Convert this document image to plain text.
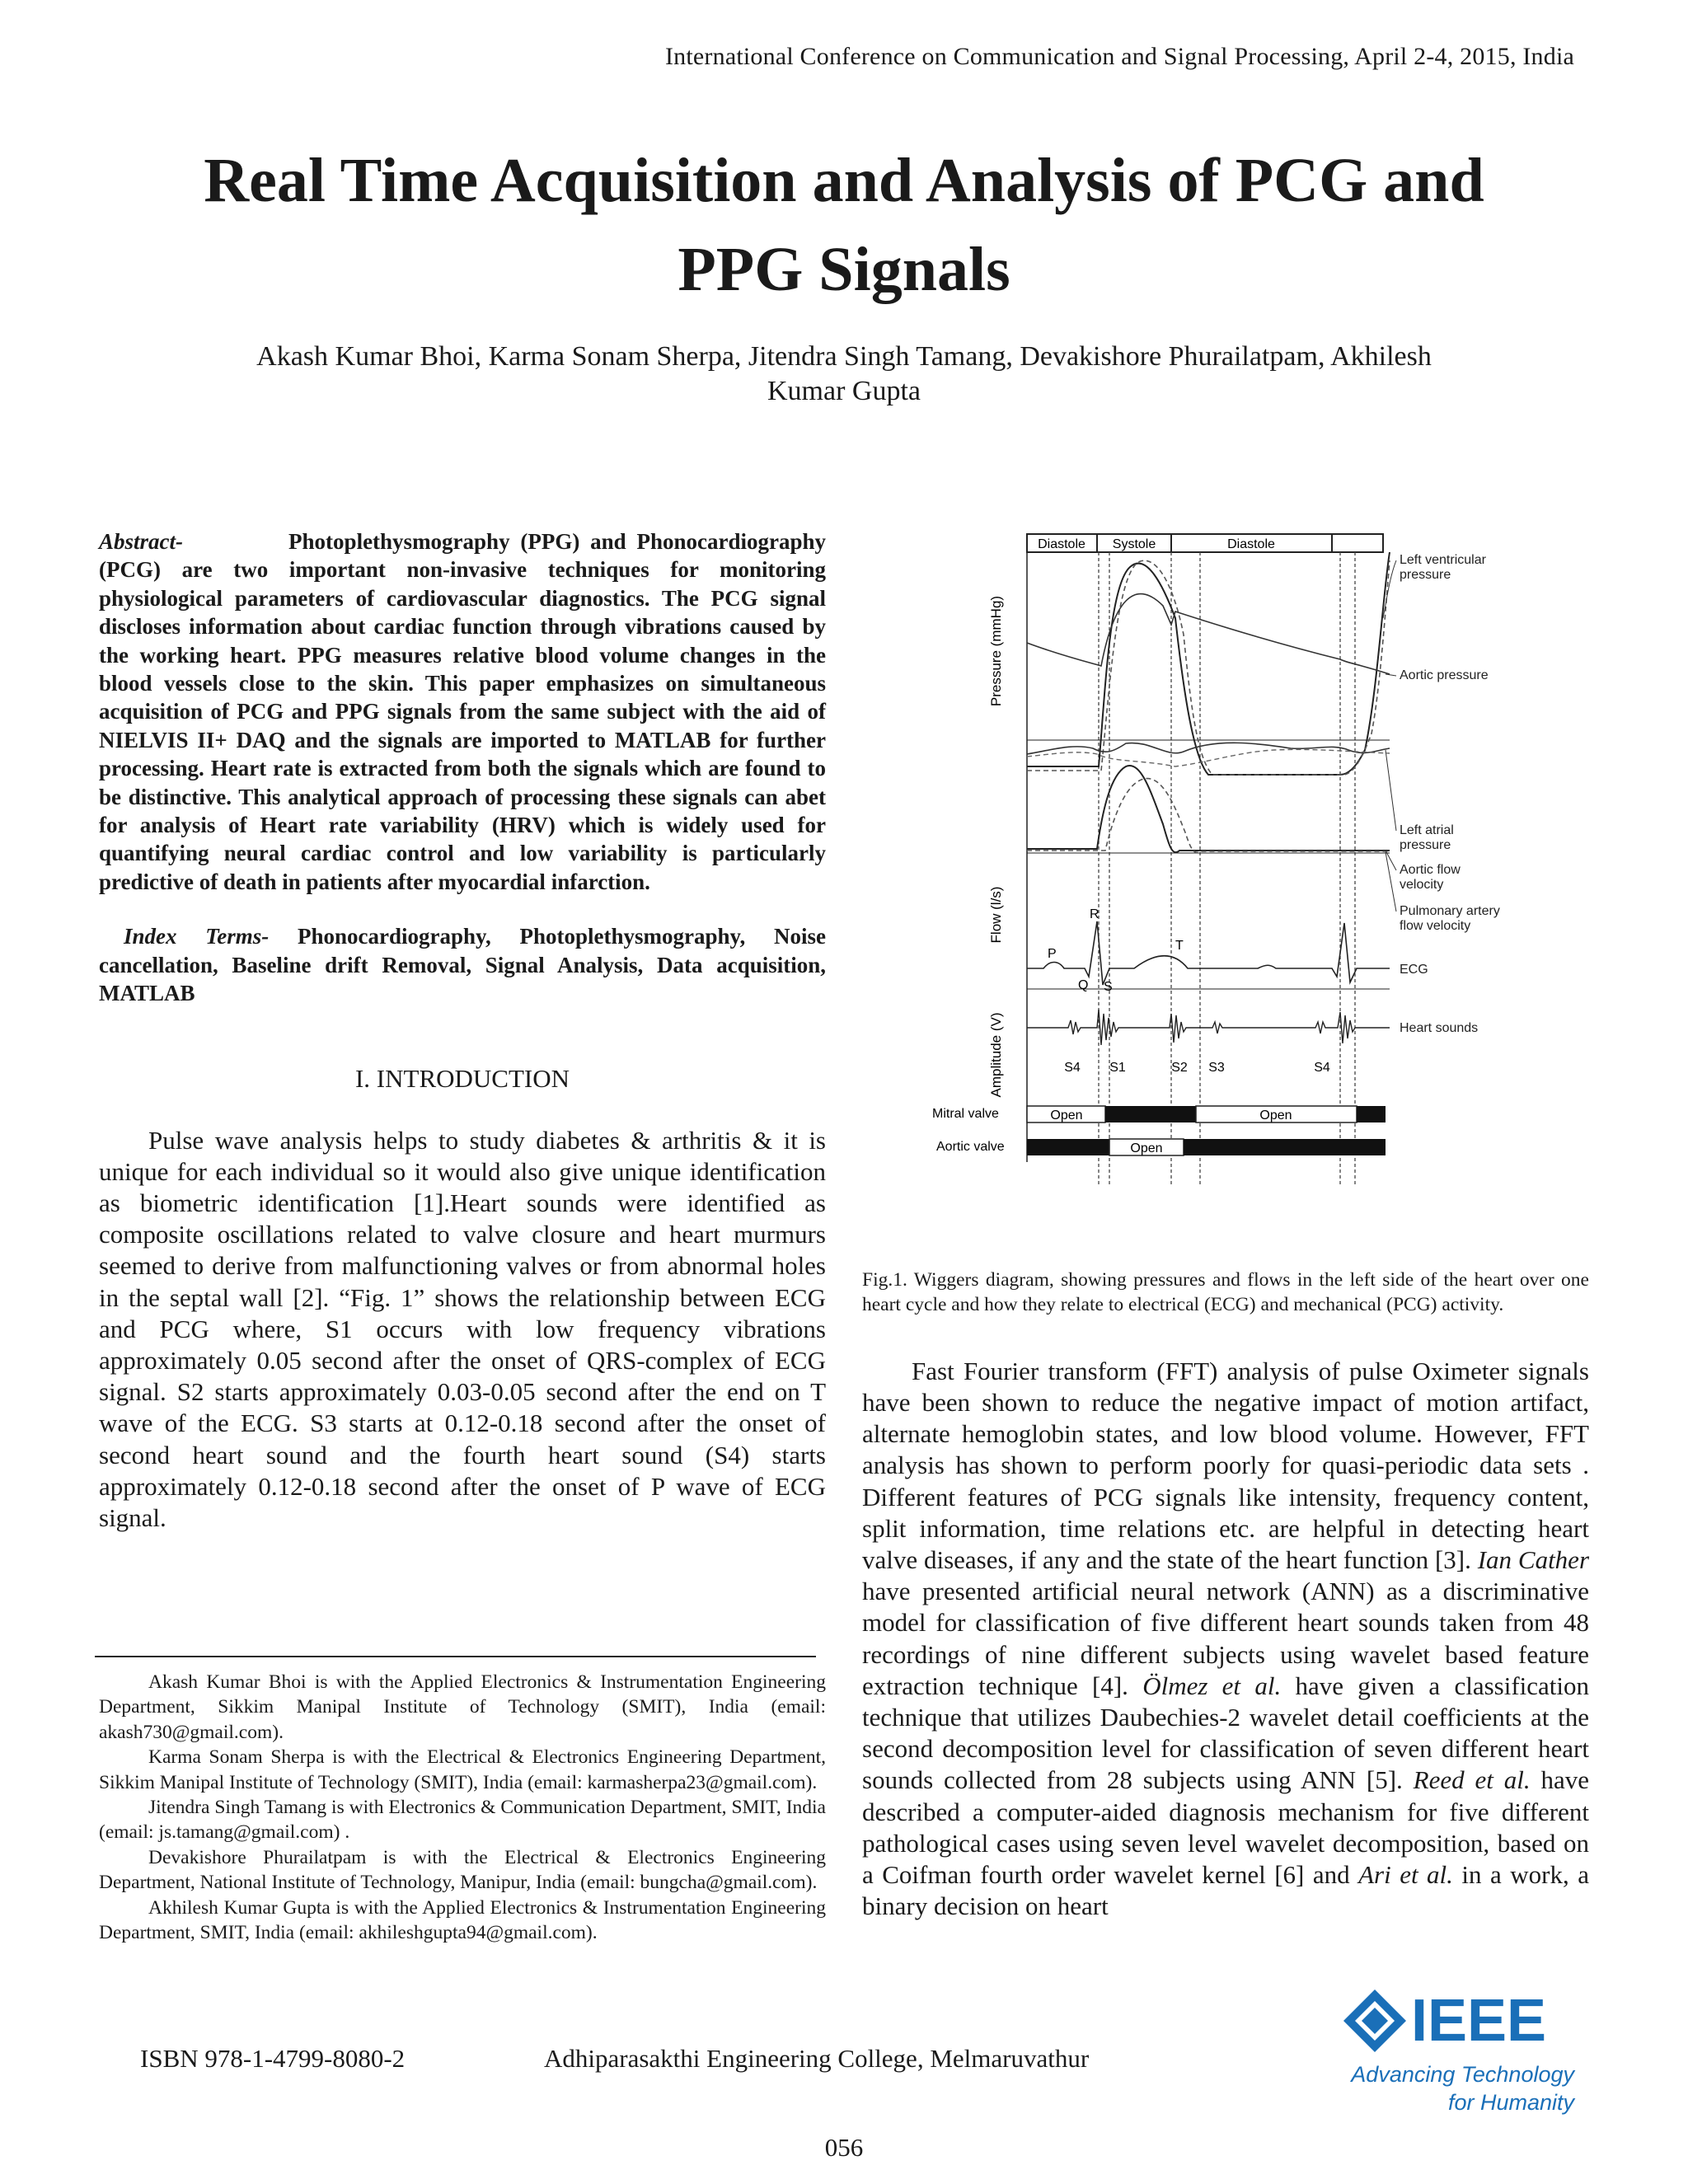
International Conference on Communication and Signal Processing, April 2-4, 2015, India
Real Time Acquisition and Analysis of PCG and
PPG Signals
Akash Kumar Bhoi, Karma Sonam Sherpa, Jitendra Singh Tamang, Devakishore Phurailatpam, Akhilesh
Kumar Gupta

Abstract-	Photoplethysmography (PPG) and Phonocardiography (PCG) are two important non-invasive techniques for monitoring physiological parameters of cardiovascular diagnostics. The PCG signal discloses information about cardiac function through vibrations caused by the working heart. PPG measures relative blood volume changes in the blood vessels close to the skin. This paper emphasizes on simultaneous acquisition of PCG and PPG signals from the same subject with the aid of NIELVIS II+ DAQ and the signals are imported to MATLAB for further processing. Heart rate is extracted from both the signals which are found to be distinctive. This analytical approach of processing these signals can abet for analysis of Heart rate variability (HRV) which is widely used for quantifying neural cardiac control and low variability is particularly predictive of death in patients after myocardial infarction.

Index Terms- Phonocardiography, Photoplethysmography, Noise cancellation, Baseline drift Removal, Signal Analysis, Data acquisition, MATLAB

I. INTRODUCTION

Pulse wave analysis helps to study diabetes & arthritis & it is unique for each individual so it would also give unique identification as biometric identification [1].Heart sounds were identified as composite oscillations related to valve closure and heart murmurs seemed to derive from malfunctioning valves or from abnormal holes in the septal wall [2]. “Fig. 1” shows the relationship between ECG and PCG where, S1 occurs with low frequency vibrations approximately 0.05 second after the onset of QRS-complex of ECG signal. S2 starts approximately 0.03-0.05 second after the end on T wave of the ECG. S3 starts at 0.12-0.18 second after the onset of second heart sound and the fourth heart sound (S4) starts approximately 0.12-0.18 second after the onset of P wave of ECG signal.

Akash Kumar Bhoi is with the Applied Electronics & Instrumentation Engineering Department, Sikkim Manipal Institute of Technology (SMIT), India (email: akash730@gmail.com).

Karma Sonam Sherpa is with the Electrical & Electronics Engineering Department, Sikkim Manipal Institute of Technology (SMIT), India (email: karmasherpa23@gmail.com).

Jitendra Singh Tamang is with Electronics & Communication Department, SMIT, India (email: js.tamang@gmail.com) .

Devakishore Phurailatpam is with the Electrical & Electronics Engineering Department, National Institute of Technology, Manipur, India (email: bungcha@gmail.com).

Akhilesh Kumar Gupta is with the Applied Electronics & Instrumentation Engineering Department, SMIT, India (email: akhileshgupta94@gmail.com).

Diastole Systole	Diastole
Pressure (mmHg)
Flow (l/s)
Amplitude (V)
P
Q
R
S
T
S4 S1	S2 S3	S4
Left ventricular
pressure
Aortic pressure
Left atrial
pressure
Aortic flow
velocity
Pulmonary artery
flow velocity
ECG
Heart sounds
Mitral valve	Open	Open
Aortic valve	Open

Fig.1. Wiggers diagram, showing pressures and flows in the left side of the heart over one heart cycle and how they relate to electrical (ECG) and mechanical (PCG) activity.

Fast Fourier transform (FFT) analysis of pulse Oximeter signals have been shown to reduce the negative impact of motion artifact, alternate hemoglobin states, and low blood volume. However, FFT analysis has shown to perform poorly for quasi-periodic data sets . Different features of PCG signals like intensity, frequency content, split information, time relations etc. are helpful in detecting heart valve diseases, if any and the state of the heart function [3]. Ian Cather have presented artificial neural network (ANN) as a discriminative model for classification of five different heart sounds taken from 48 recordings of nine different subjects using wavelet based feature extraction technique [4]. Ölmez et al. have given a classification technique that utilizes Daubechies-2 wavelet detail coefficients at the second decomposition level for classification of seven different heart sounds collected from 28 subjects using ANN [5]. Reed et al. have described a computer-aided diagnosis mechanism for five different pathological cases using seven level wavelet decomposition, based on a Coifman fourth order wavelet kernel [6] and Ari et al. in a work, a binary decision on heart

ISBN 978-1-4799-8080-2	Adhiparasakthi Engineering College, Melmaruvathur
056
IEEE
Advancing Technology
for Humanity
